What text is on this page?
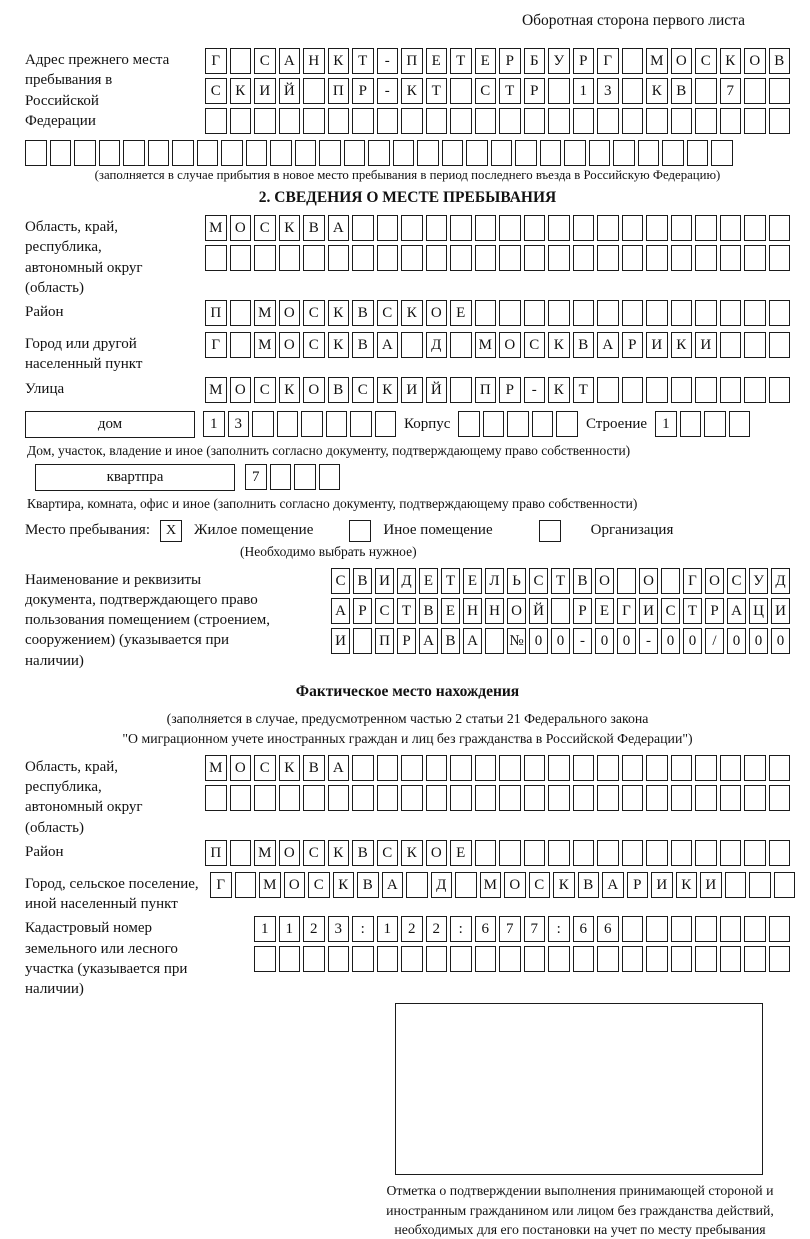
Оборотная сторона первого листа
Адрес прежнего места пребывания в Российской Федерации
Г	С А Н К Т	-	П Е	Т	Е	Р	Б У	Р	Г	М О С К О В
С К И Й	П Р	-	К Т	С Т	Р	1	3	К В	7
(заполняется в случае прибытия в новое место пребывания в период последнего въезда в Российскую Федерацию)
2. СВЕДЕНИЯ О МЕСТЕ ПРЕБЫВАНИЯ
Область, край, республика, автономный округ (область)
М О С К В А
Район	П	М О С К В С К О Е
Город или другой населенный пункт
Г	М О С К В А	Д	М О С К В А Р И К И
Улица	М О С К О В С К И Й	П Р	-	К Т
дом	1	3	Корпус	Строение	1
Дом, участок, владение и иное (заполнить согласно документу, подтверждающему право собственности)
квартпра	7
Квартира, комната, офис и иное (заполнить согласно документу, подтверждающему право собственности)
Место пребывания:	X	Жилое помещение	Иное помещение	Организация
(Необходимо выбрать нужное)
Наименование и реквизиты документа, подтверждающего право пользования помещением (строением, сооружением) (указывается при наличии)
С В И Д Е Т Е Л Ь С Т В О О	Г О С У Д
А Р С Т В Е Н Н О Й	Р Е Г И С Т Р А Ц И
И П Р А В А № 0 0	-	0 0	-	0 0	/	0 0 0
Фактическое место нахождения
(заполняется в случае, предусмотренном частью 2 статьи 21 Федерального закона
"О миграционном учете иностранных граждан и лиц без гражданства в Российской Федерации")
Область, край, республика, автономный округ (область)
М О С К В А
Район	П	М О С К В С К О Е
Город, сельское поселение, иной населенный пункт
Г	М О С К В А	Д	М О С К В А Р И К И
Кадастровый номер земельного или лесного участка (указывается при наличии)
1	1	2	3	:	1	2	2	:	6	7	7	:	6	6
Отметка о подтверждении выполнения принимающей стороной и иностранным гражданином или лицом без гражданства действий, необходимых для его постановки на учет по месту пребывания
